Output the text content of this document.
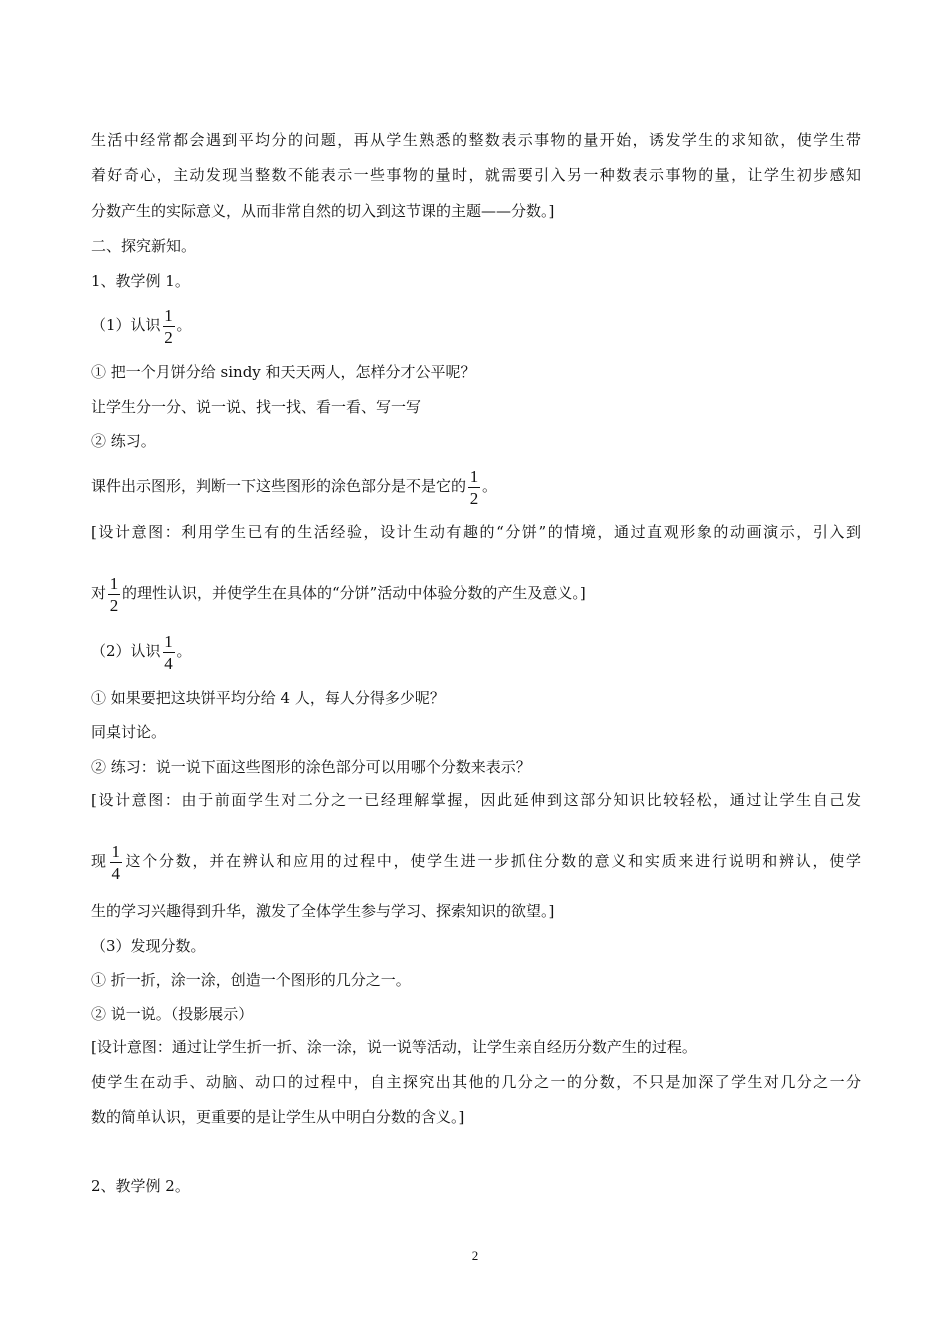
生活中经常都会遇到平均分的问题，再从学生熟悉的整数表示事物的量开始，诱发学生的求知欲，使学生带
着好奇心，主动发现当整数不能表示一些事物的量时，就需要引入另一种数表示事物的量，让学生初步感知
分数产生的实际意义，从而非常自然的切入到这节课的主题——分数。]
二、探究新知。
1、教学例 1。
（1）认识 $\frac{1}{2}$ 。
① 把一个月饼分给 sindy 和天天两人，怎样分才公平呢？
让学生分一分、说一说、找一找、看一看、写一写
② 练习。
课件出示图形，判断一下这些图形的涂色部分是不是它的 $\frac{1}{2}$ 。
[设计意图：利用学生已有的生活经验，设计生动有趣的“分饼”的情境，通过直观形象的动画演示，引入到
对 $\frac{1}{2}$ 的理性认识，并使学生在具体的“分饼”活动中体验分数的产生及意义。]
（2）认识 $\frac{1}{4}$ 。
① 如果要把这块饼平均分给 4 人，每人分得多少呢？
同桌讨论。
② 练习：说一说下面这些图形的涂色部分可以用哪个分数来表示？
[设计意图：由于前面学生对二分之一已经理解掌握，因此延伸到这部分知识比较轻松，通过让学生自己发
现 $\frac{1}{4}$ 这个分数，并在辨认和应用的过程中，使学生进一步抓住分数的意义和实质来进行说明和辨认，使学
生的学习兴趣得到升华，激发了全体学生参与学习、探索知识的欲望。]
（3）发现分数。
① 折一折，涂一涂，创造一个图形的几分之一。
② 说一说。（投影展示）
[设计意图：通过让学生折一折、涂一涂，说一说等活动，让学生亲自经历分数产生的过程。
使学生在动手、动脑、动口的过程中，自主探究出其他的几分之一的分数，不只是加深了学生对几分之一分
数的简单认识，更重要的是让学生从中明白分数的含义。]
2、教学例 2。
2
